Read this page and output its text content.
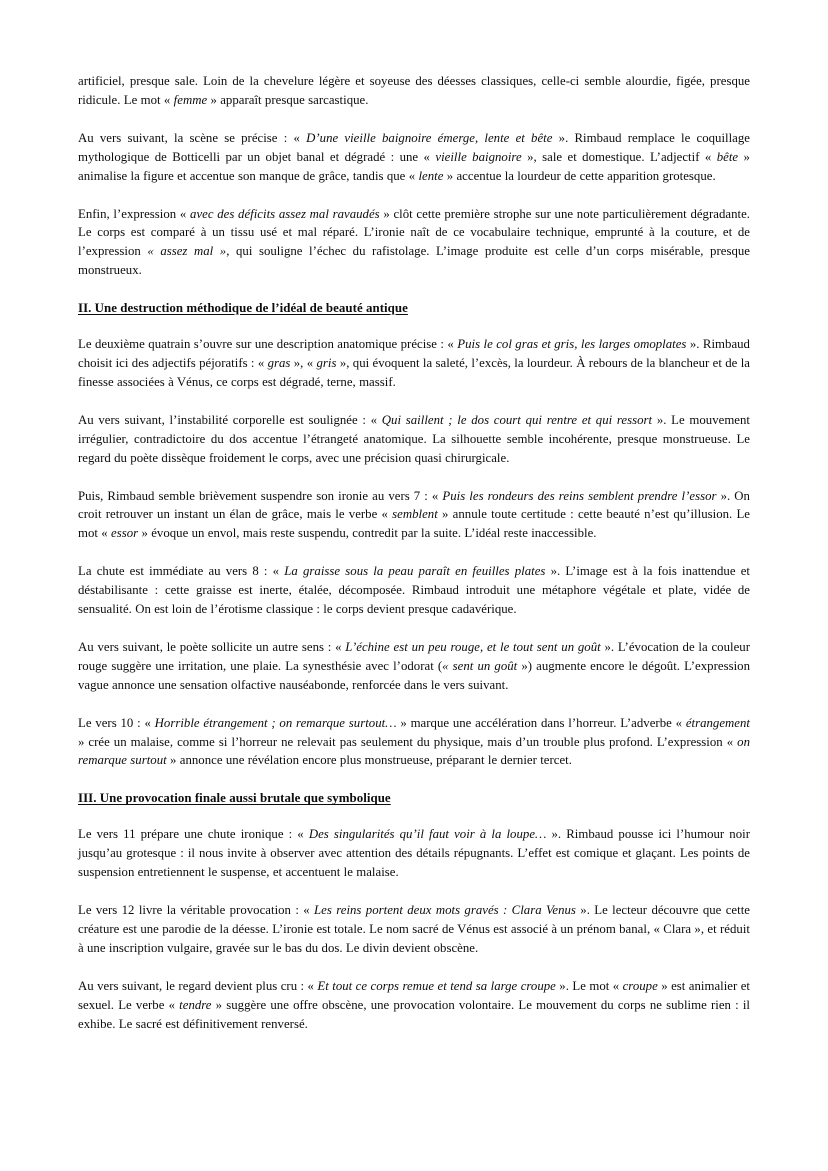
artificiel, presque sale. Loin de la chevelure légère et soyeuse des déesses classiques, celle-ci semble alourdie, figée, presque ridicule. Le mot « femme » apparaît presque sarcastique.

Au vers suivant, la scène se précise : « D’une vieille baignoire émerge, lente et bête ». Rimbaud remplace le coquillage mythologique de Botticelli par un objet banal et dégradé : une « vieille baignoire », sale et domestique. L’adjectif « bête » animalise la figure et accentue son manque de grâce, tandis que « lente » accentue la lourdeur de cette apparition grotesque.

Enfin, l’expression « avec des déficits assez mal ravaudés » clôt cette première strophe sur une note particulièrement dégradante. Le corps est comparé à un tissu usé et mal réparé. L’ironie naît de ce vocabulaire technique, emprunté à la couture, et de l’expression « assez mal », qui souligne l’échec du rafistolage. L’image produite est celle d’un corps misérable, presque monstrueux.

II. Une destruction méthodique de l’idéal de beauté antique

Le deuxième quatrain s’ouvre sur une description anatomique précise : « Puis le col gras et gris, les larges omoplates ». Rimbaud choisit ici des adjectifs péjoratifs : « gras », « gris », qui évoquent la saleté, l’excès, la lourdeur. À rebours de la blancheur et de la finesse associées à Vénus, ce corps est dégradé, terne, massif.

Au vers suivant, l’instabilité corporelle est soulignée : « Qui saillent ; le dos court qui rentre et qui ressort ». Le mouvement irrégulier, contradictoire du dos accentue l’étrangeté anatomique. La silhouette semble incohérente, presque monstrueuse. Le regard du poète dissèque froidement le corps, avec une précision quasi chirurgicale.

Puis, Rimbaud semble brièvement suspendre son ironie au vers 7 : « Puis les rondeurs des reins semblent prendre l’essor ». On croit retrouver un instant un élan de grâce, mais le verbe « semblent » annule toute certitude : cette beauté n’est qu’illusion. Le mot « essor » évoque un envol, mais reste suspendu, contredit par la suite. L’idéal reste inaccessible.

La chute est immédiate au vers 8 : « La graisse sous la peau paraît en feuilles plates ». L’image est à la fois inattendue et déstabilisante : cette graisse est inerte, étalée, décomposée. Rimbaud introduit une métaphore végétale et plate, vidée de sensualité. On est loin de l’érotisme classique : le corps devient presque cadavérique.

Au vers suivant, le poète sollicite un autre sens : « L’échine est un peu rouge, et le tout sent un goût ». L’évocation de la couleur rouge suggère une irritation, une plaie. La synesthésie avec l’odorat (« sent un goût ») augmente encore le dégoût. L’expression vague annonce une sensation olfactive nauséabonde, renforcée dans le vers suivant.

Le vers 10 : « Horrible étrangement ; on remarque surtout… » marque une accélération dans l’horreur. L’adverbe « étrangement » crée un malaise, comme si l’horreur ne relevait pas seulement du physique, mais d’un trouble plus profond. L’expression « on remarque surtout » annonce une révélation encore plus monstrueuse, préparant le dernier tercet.

III. Une provocation finale aussi brutale que symbolique

Le vers 11 prépare une chute ironique : « Des singularités qu’il faut voir à la loupe… ». Rimbaud pousse ici l’humour noir jusqu’au grotesque : il nous invite à observer avec attention des détails répugnants. L’effet est comique et glaçant. Les points de suspension entretiennent le suspense, et accentuent le malaise.

Le vers 12 livre la véritable provocation : « Les reins portent deux mots gravés : Clara Venus ». Le lecteur découvre que cette créature est une parodie de la déesse. L’ironie est totale. Le nom sacré de Vénus est associé à un prénom banal, « Clara », et réduit à une inscription vulgaire, gravée sur le bas du dos. Le divin devient obscène.

Au vers suivant, le regard devient plus cru : « Et tout ce corps remue et tend sa large croupe ». Le mot « croupe » est animalier et sexuel. Le verbe « tendre » suggère une offre obscène, une provocation volontaire. Le mouvement du corps ne sublime rien : il exhibe. Le sacré est définitivement renversé.
